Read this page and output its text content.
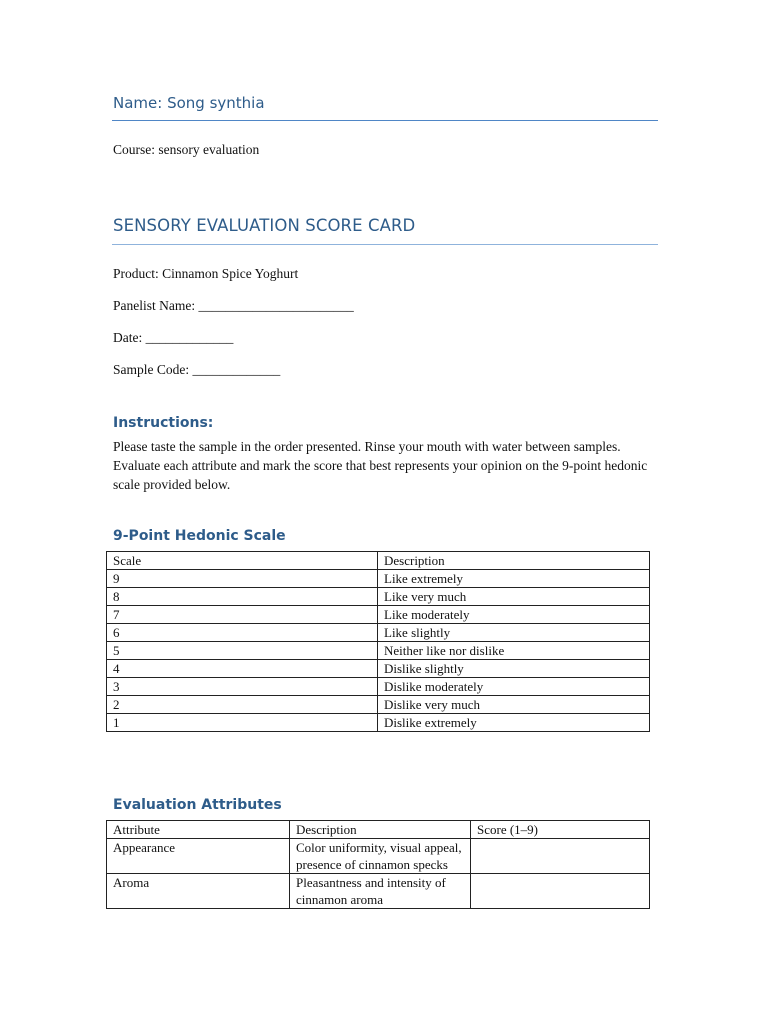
Name: Song synthia
Course: sensory evaluation
SENSORY EVALUATION SCORE CARD
Product: Cinnamon Spice Yoghurt
Panelist Name: _______________________
Date: _____________
Sample Code: _____________
Instructions:
Please taste the sample in the order presented. Rinse your mouth with water between samples. Evaluate each attribute and mark the score that best represents your opinion on the 9-point hedonic scale provided below.
9-Point Hedonic Scale
Scale	Description
9	Like extremely
8	Like very much
7	Like moderately
6	Like slightly
5	Neither like nor dislike
4	Dislike slightly
3	Dislike moderately
2	Dislike very much
1	Dislike extremely
Evaluation Attributes
Attribute	Description	Score (1–9)
Appearance	Color uniformity, visual appeal, presence of cinnamon specks	
Aroma	Pleasantness and intensity of cinnamon aroma	
